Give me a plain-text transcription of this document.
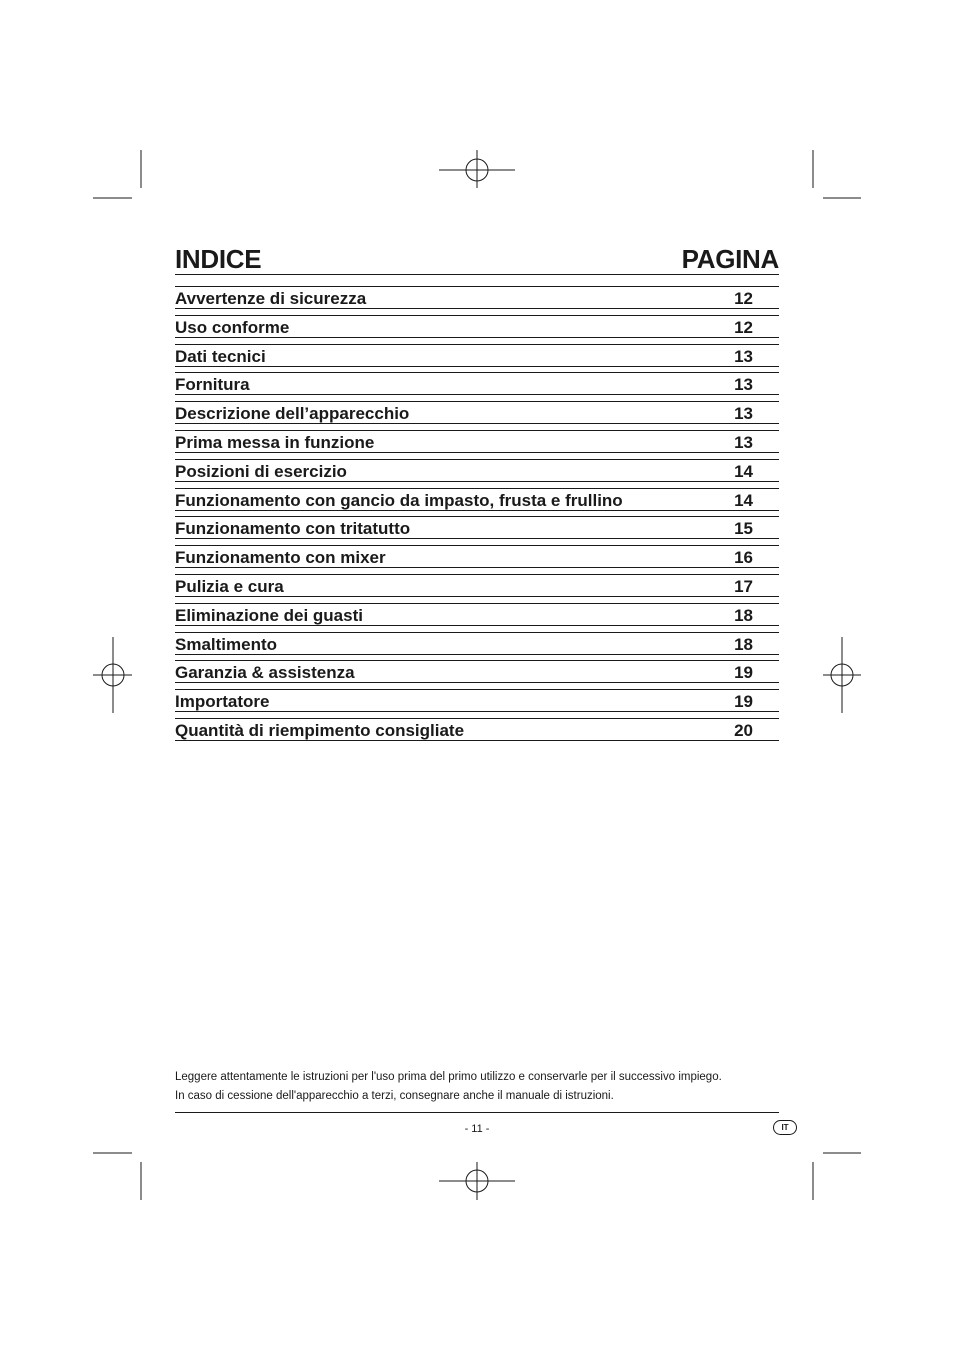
INDICE	PAGINA
Avvertenze di sicurezza	12
Uso conforme	12
Dati tecnici	13
Fornitura	13
Descrizione dell’apparecchio	13
Prima messa in funzione	13
Posizioni di esercizio	14
Funzionamento con gancio da impasto, frusta e frullino	14
Funzionamento con tritatutto	15
Funzionamento con mixer	16
Pulizia e cura	17
Eliminazione dei guasti	18
Smaltimento	18
Garanzia & assistenza	19
Importatore	19
Quantità di riempimento consigliate	20
Leggere attentamente le istruzioni per l'uso prima del primo utilizzo e conservarle per il successivo impiego.
In caso di cessione dell'apparecchio a terzi, consegnare anche il manuale di istruzioni.
- 11 -	IT
